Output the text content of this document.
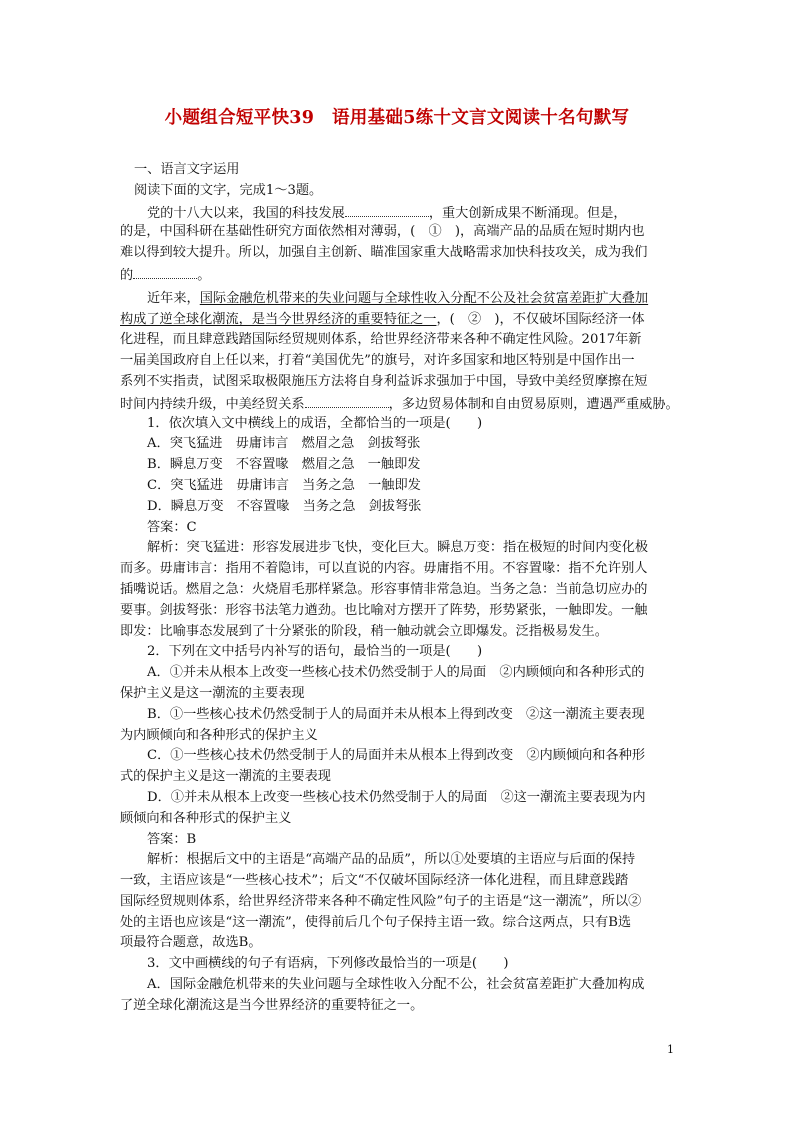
小题组合短平快39　语用基础5练十文言文阅读十名句默写
一、语言文字运用
阅读下面的文字，完成1～3题。
党的十八大以来，我国的科技发展	，重大创新成果不断涌现。但是，
的是，中国科研在基础性研究方面依然相对薄弱，(　①　)，高端产品的品质在短时期内也
难以得到较大提升。所以，加强自主创新、瞄准国家重大战略需求加快科技攻关，成为我们
的	。
近年来，国际金融危机带来的失业问题与全球性收入分配不公及社会贫富差距扩大叠加
构成了逆全球化潮流，是当今世界经济的重要特征之一，(　②　)，不仅破坏国际经济一体
化进程，而且肆意践踏国际经贸规则体系，给世界经济带来各种不确定性风险。2017年新
一届美国政府自上任以来，打着“美国优先”的旗号，对许多国家和地区特别是中国作出一
系列不实指责，试图采取极限施压方法将自身利益诉求强加于中国，导致中美经贸摩擦在短
时间内持续升级，中美经贸关系	，多边贸易体制和自由贸易原则，遭遇严重威胁。
1．依次填入文中横线上的成语，全都恰当的一项是(　　)
A．突飞猛进　毋庸讳言　燃眉之急　剑拔弩张
B．瞬息万变　不容置喙　燃眉之急　一触即发
C．突飞猛进　毋庸讳言　当务之急　一触即发
D．瞬息万变　不容置喙　当务之急　剑拔弩张
答案：C
解析：突飞猛进：形容发展进步飞快，变化巨大。瞬息万变：指在极短的时间内变化极
而多。毋庸讳言：指用不着隐讳，可以直说的内容。毋庸指不用。不容置喙：指不允许别人
插嘴说话。燃眉之急：火烧眉毛那样紧急。形容事情非常急迫。当务之急：当前急切应办的
要事。剑拔弩张：形容书法笔力遒劲。也比喻对方摆开了阵势，形势紧张，一触即发。一触
即发：比喻事态发展到了十分紧张的阶段，稍一触动就会立即爆发。泛指极易发生。
2．下列在文中括号内补写的语句，最恰当的一项是(　　)
A．①并未从根本上改变一些核心技术仍然受制于人的局面　②内顾倾向和各种形式的
保护主义是这一潮流的主要表现
B．①一些核心技术仍然受制于人的局面并未从根本上得到改变　②这一潮流主要表现
为内顾倾向和各种形式的保护主义
C．①一些核心技术仍然受制于人的局面并未从根本上得到改变　②内顾倾向和各种形
式的保护主义是这一潮流的主要表现
D．①并未从根本上改变一些核心技术仍然受制于人的局面　②这一潮流主要表现为内
顾倾向和各种形式的保护主义
答案：B
解析：根据后文中的主语是“高端产品的品质”，所以①处要填的主语应与后面的保持
一致，主语应该是“一些核心技术”；后文“不仅破坏国际经济一体化进程，而且肆意践踏
国际经贸规则体系，给世界经济带来各种不确定性风险”句子的主语是“这一潮流”，所以②
处的主语也应该是“这一潮流”，使得前后几个句子保持主语一致。综合这两点，只有B选
项最符合题意，故选B。
3．文中画横线的句子有语病，下列修改最恰当的一项是(　　)
A．国际金融危机带来的失业问题与全球性收入分配不公，社会贫富差距扩大叠加构成
了逆全球化潮流这是当今世界经济的重要特征之一。
1
